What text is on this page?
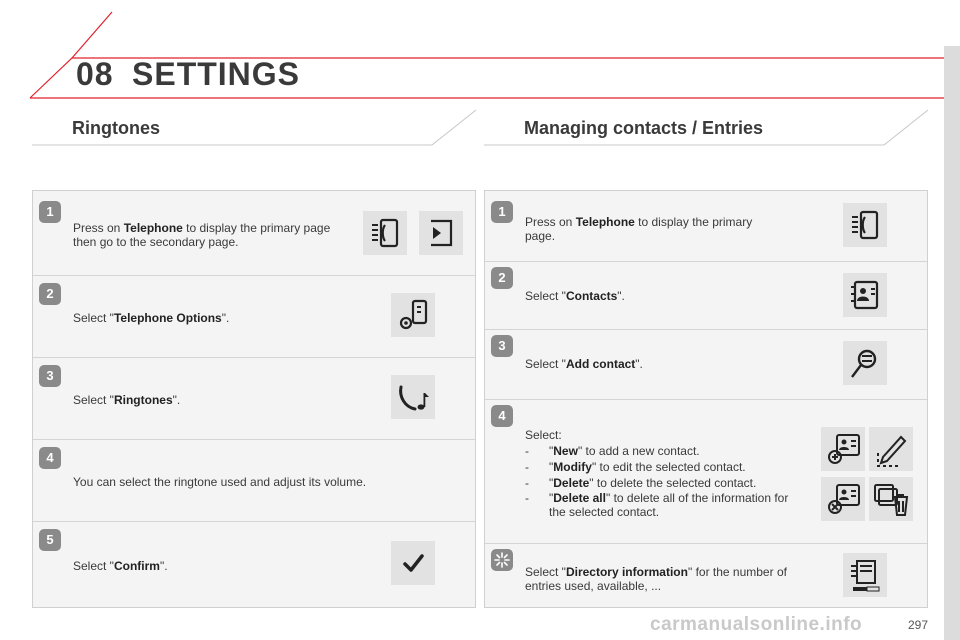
08 SETTINGS
Ringtones	Managing contacts / Entries
1
Press on Telephone to display the primary page then go to the secondary page.
2
Select "Telephone Options".
3
Select "Ringtones".
4
You can select the ringtone used and adjust its volume.
5
Select "Confirm".
1
Press on Telephone to display the primary page.
2
Select "Contacts".
3
Select "Add contact".
4
Select:
- "New" to add a new contact.
- "Modify" to edit the selected contact.
- "Delete" to delete the selected contact.
- "Delete all" to delete all of the information for the selected contact.
Select "Directory information" for the number of entries used, available, ...
carmanualsonline.info	297
